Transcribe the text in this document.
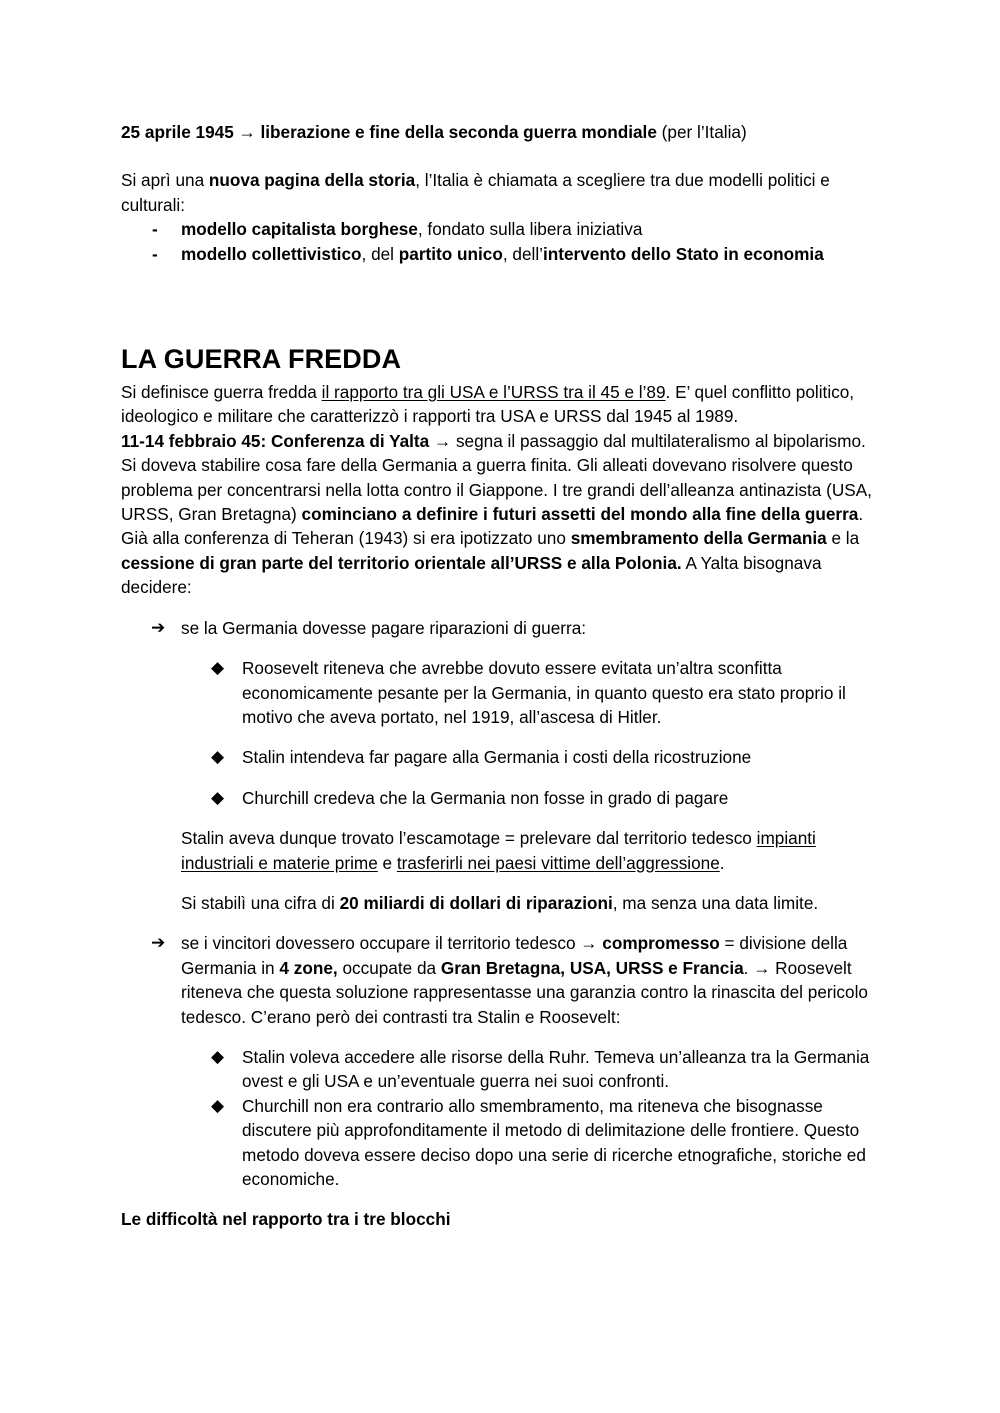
25 aprile 1945 → liberazione e fine della seconda guerra mondiale (per l’Italia)

Si aprì una nuova pagina della storia, l’Italia è chiamata a scegliere tra due modelli politici e culturali:

- modello capitalista borghese, fondato sulla libera iniziativa
- modello collettivistico, del partito unico, dell’intervento dello Stato in economia
LA GUERRA FREDDA

Si definisce guerra fredda il rapporto tra gli USA e l’URSS tra il 45 e l’89. E’ quel conflitto politico, ideologico e militare che caratterizzò i rapporti tra USA e URSS dal 1945 al 1989.

11-14 febbraio 45: Conferenza di Yalta → segna il passaggio dal multilateralismo al bipolarismo. Si doveva stabilire cosa fare della Germania a guerra finita. Gli alleati dovevano risolvere questo problema per concentrarsi nella lotta contro il Giappone. I tre grandi dell’alleanza antinazista (USA, URSS, Gran Bretagna) cominciano a definire i futuri assetti del mondo alla fine della guerra. Già alla conferenza di Teheran (1943) si era ipotizzato uno smembramento della Germania e la cessione di gran parte del territorio orientale all’URSS e alla Polonia. A Yalta bisognava decidere:

➔ se la Germania dovesse pagare riparazioni di guerra:

◆ Roosevelt riteneva che avrebbe dovuto essere evitata un’altra sconfitta economicamente pesante per la Germania, in quanto questo era stato proprio il motivo che aveva portato, nel 1919, all’ascesa di Hitler.

◆ Stalin intendeva far pagare alla Germania i costi della ricostruzione

◆ Churchill credeva che la Germania non fosse in grado di pagare

Stalin aveva dunque trovato l’escamotage = prelevare dal territorio tedesco impianti industriali e materie prime e trasferirli nei paesi vittime dell’aggressione.

Si stabilì una cifra di 20 miliardi di dollari di riparazioni, ma senza una data limite.

➔ se i vincitori dovessero occupare il territorio tedesco → compromesso = divisione della Germania in 4 zone, occupate da Gran Bretagna, USA, URSS e Francia. → Roosevelt riteneva che questa soluzione rappresentasse una garanzia contro la rinascita del pericolo tedesco. C’erano però dei contrasti tra Stalin e Roosevelt:

◆ Stalin voleva accedere alle risorse della Ruhr. Temeva un’alleanza tra la Germania ovest e gli USA e un’eventuale guerra nei suoi confronti.

◆ Churchill non era contrario allo smembramento, ma riteneva che bisognasse discutere più approfonditamente il metodo di delimitazione delle frontiere. Questo metodo doveva essere deciso dopo una serie di ricerche etnografiche, storiche ed economiche.

Le difficoltà nel rapporto tra i tre blocchi
